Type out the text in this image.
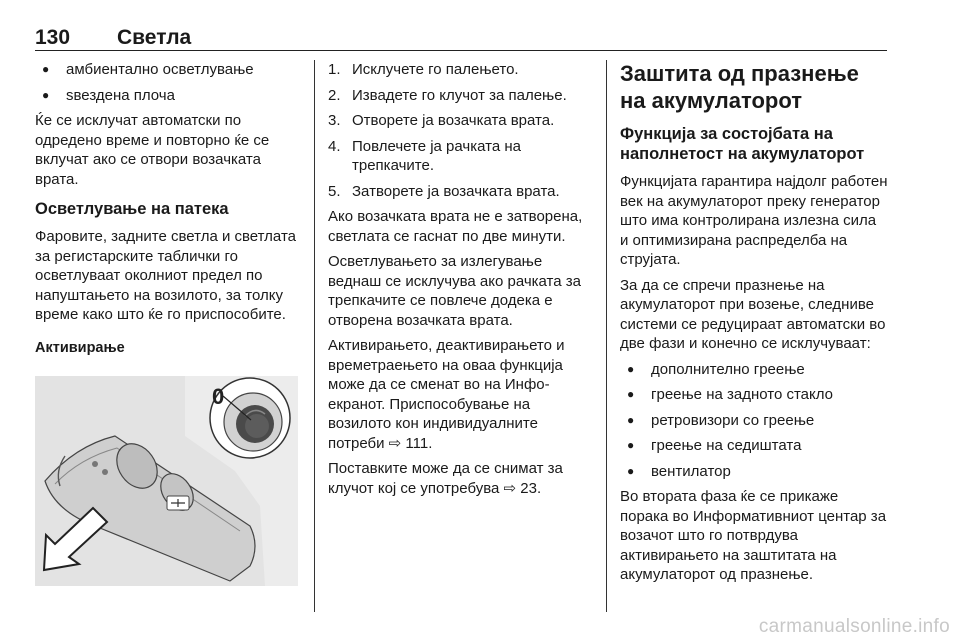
130 Светла
● амбиентално осветлување
● sвездена плоча

Ќе се исклучат автоматски по одредено време и повторно ќе се вклучат ако се отвори возачката врата.

Осветлување на патека

Фаровите, задните светла и светлата за регистарските таблички го осветлуваат околниот предел по напуштањето на возилото, за толку време како што ќе го приспособите.

Активирање
0
1. Исклучете го палењето.
2. Извадете го клучот за палење.
3. Отворете ја возачката врата.
4. Повлечете ја рачката на трепкачите.
5. Затворете ја возачката врата.

Ако возачката врата не е затворена, светлата се гаснат по две минути.

Осветлувањето за излегување веднаш се исклучува ако рачката за трепкачите се повлече додека е отворена возачката врата.

Активирањето, деактивирањето и времетраењето на оваа функција може да се сменат во на Инфо-екранот. Приспособување на возилото кон индивидуалните потреби ⇨ 111.

Поставките може да се снимат за клучот кој се употребува ⇨ 23.

Заштита од празнење на акумулаторот
Функција за состојбата на наполнетост на акумулаторот

Функцијата гарантира најдолг работен век на акумулаторот преку генератор што има контролирана излезна сила и оптимизирана распределба на струјата.

За да се спречи празнење на акумулаторот при возење, следниве системи се редуцираат автоматски во две фази и конечно се исклучуваат:

● дополнително греење
● греење на задното стакло
● ретровизори со греење
● греење на седиштата
● вентилатор

Во втората фаза ќе се прикаже порака во Информативниот центар за возачот што го потврдува активирањето на заштитата на акумулаторот од празнење.

carmanualsonline.info
